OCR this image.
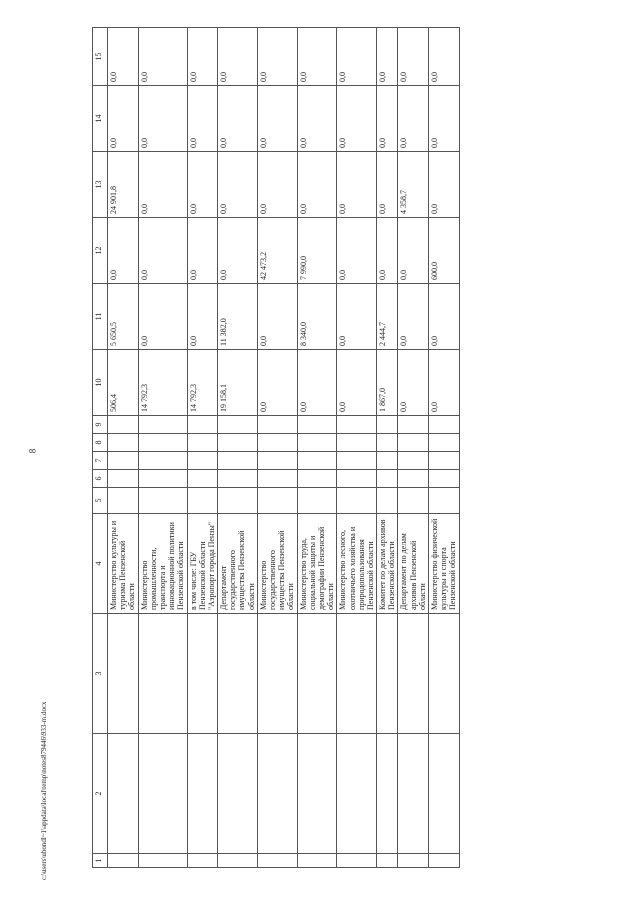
8
1	2	3	4	5	6	7	8	9	10	11	12	13	14	15
			Министерство культуры и туризма Пензенской области						506,4	5 650,5	0,0	24 901,8	0,0	0,0
			Министерство промышленности, транспорта и инновационной политики Пензенской области						14 792,3	0,0	0,0	0,0	0,0	0,0
			в том числе: ГБУ Пензенской области "Аэропорт города Пензы"						14 792,3	0,0	0,0	0,0	0,0	0,0
			Департамент государственного имущества Пензенской области						19 158,1	11 382,0	0,0	0,0	0,0	0,0
			Министерство государственного имущества Пензенской области						0,0	0,0	42 473,2	0,0	0,0	0,0
			Министерство труда, социальной защиты и демографии Пензенской области						0,0	8 340,0	7 990,0	0,0	0,0	0,0
			Министерство лесного, охотничьего хозяйства и природопользования Пензенской области						0,0	0,0	0,0	0,0	0,0	0,0
			Комитет по делам архивов Пензенской области						1 867,0	2 444,7	0,0	0,0	0,0	0,0
			Департамент по делам архивов Пензенской области						0,0	0,0	0,0	4 358,7	0,0	0,0
			Министерство физической культуры и спорта Пензенской области						0,0	0,0	600,0	0,0	0,0	0,0
c:\users\ubondl~1\appdata\local\temp\notes879446\933-m.docx
